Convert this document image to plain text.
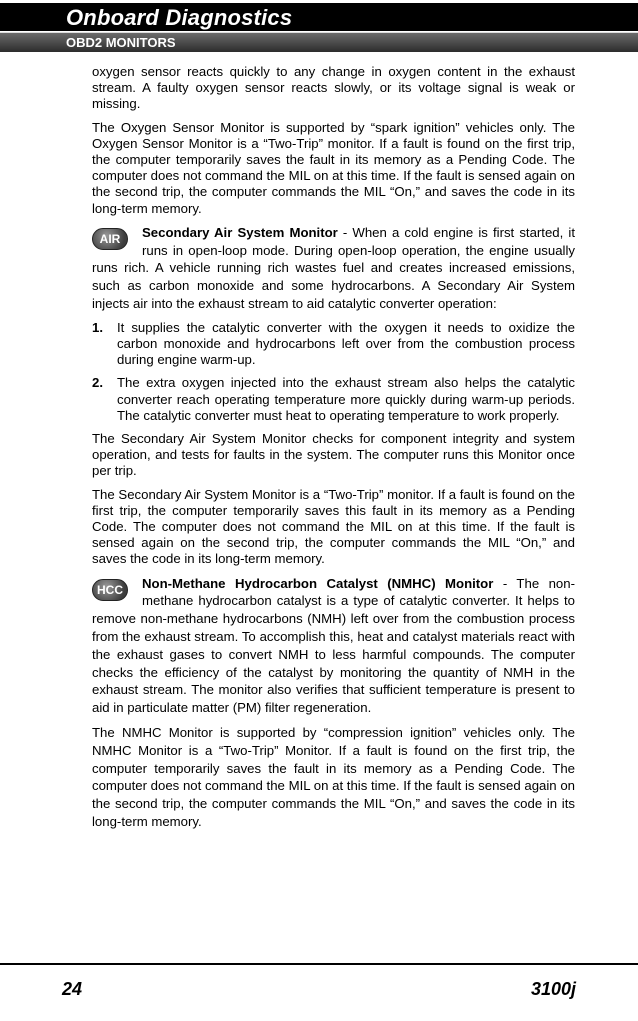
Onboard Diagnostics
OBD2 MONITORS

oxygen sensor reacts quickly to any change in oxygen content in the exhaust stream. A faulty oxygen sensor reacts slowly, or its voltage signal is weak or missing.

The Oxygen Sensor Monitor is supported by “spark ignition” vehicles only. The Oxygen Sensor Monitor is a “Two-Trip” monitor. If a fault is found on the first trip, the computer temporarily saves the fault in its memory as a Pending Code. The computer does not command the MIL on at this time. If the fault is sensed again on the second trip, the computer commands the MIL “On,” and saves the code in its long-term memory.

AIR	Secondary Air System Monitor - When a cold engine is first started, it runs in open-loop mode. During open-loop operation, the engine usually runs rich. A vehicle running rich wastes fuel and creates increased emissions, such as carbon monoxide and some hydrocarbons. A Secondary Air System injects air into the exhaust stream to aid catalytic converter operation:

1. It supplies the catalytic converter with the oxygen it needs to oxidize the carbon monoxide and hydrocarbons left over from the combustion process during engine warm-up.
2. The extra oxygen injected into the exhaust stream also helps the catalytic converter reach operating temperature more quickly during warm-up periods. The catalytic converter must heat to operating temperature to work properly.

The Secondary Air System Monitor checks for component integrity and system operation, and tests for faults in the system. The computer runs this Monitor once per trip.

The Secondary Air System Monitor is a “Two-Trip” monitor. If a fault is found on the first trip, the computer temporarily saves this fault in its memory as a Pending Code. The computer does not command the MIL on at this time. If the fault is sensed again on the second trip, the computer commands the MIL “On,” and saves the code in its long-term memory.

HCC	Non-Methane Hydrocarbon Catalyst (NMHC) Monitor - The non-methane hydrocarbon catalyst is a type of catalytic converter. It helps to remove non-methane hydrocarbons (NMH) left over from the combustion process from the exhaust stream. To accomplish this, heat and catalyst materials react with the exhaust gases to convert NMH to less harmful compounds. The computer checks the efficiency of the catalyst by monitoring the quantity of NMH in the exhaust stream. The monitor also verifies that sufficient temperature is present to aid in particulate matter (PM) filter regeneration.

The NMHC Monitor is supported by “compression ignition” vehicles only. The NMHC Monitor is a “Two-Trip” Monitor. If a fault is found on the first trip, the computer temporarily saves the fault in its memory as a Pending Code. The computer does not command the MIL on at this time. If the fault is sensed again on the second trip, the computer commands the MIL “On,” and saves the code in its long-term memory.

24	3100j
